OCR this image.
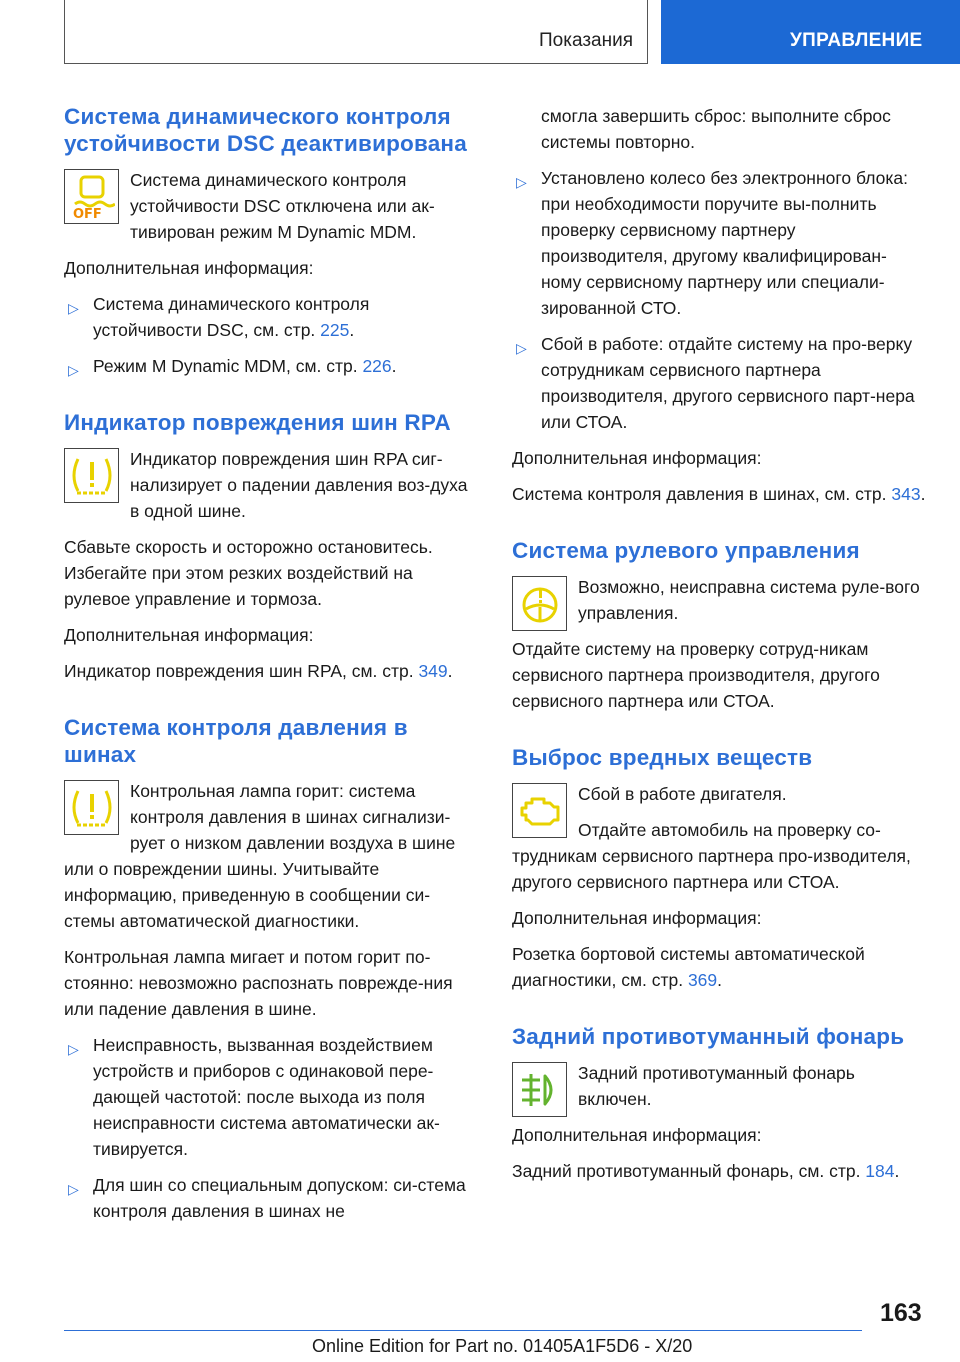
Показания	УПРАВЛЕНИЕ
Система динамического контроля устойчивости DSC деактивирована
OFF

Система динамического контроля устойчивости DSC отключена или ак-тивирован режим M Dynamic MDM.

Дополнительная информация:

▷ Система динамического контроля устойчивости DSC, см. стр. 225.
▷ Режим M Dynamic MDM, см. стр. 226.
Индикатор повреждения шин RPA

Индикатор повреждения шин RPA сиг-нализирует о падении давления воз-духа в одной шине.

Сбавьте скорость и осторожно остановитесь. Избегайте при этом резких воздействий на рулевое управление и тормоза.

Дополнительная информация:

Индикатор повреждения шин RPA, см. стр. 349.

Система контроля давления в шинах

Контрольная лампа горит: система контроля давления в шинах сигнализи-рует о низком давлении воздуха в шине или о повреждении шины. Учитывайте информацию, приведенную в сообщении си-стемы автоматической диагностики.

Контрольная лампа мигает и потом горит по-стоянно: невозможно распознать поврежде-ния или падение давления в шине.

▷ Неисправность, вызванная воздействием устройств и приборов с одинаковой пере-дающей частотой: после выхода из поля неисправности система автоматически ак-тивируется.
▷ Для шин со специальным допуском: си-стема контроля давления в шинах не

смогла завершить сброс: выполните сброс системы повторно.

▷ Установлено колесо без электронного блока: при необходимости поручите вы-полнить проверку сервисному партнеру производителя, другому квалифицирован-ному сервисному партнеру или специали-зированной СТО.
▷ Сбой в работе: отдайте систему на про-верку сотрудникам сервисного партнера производителя, другого сервисного парт-нера или СТОА.

Дополнительная информация:

Система контроля давления в шинах, см. стр. 343.

Система рулевого управления

Возможно, неисправна система руле-вого управления.

Отдайте систему на проверку сотруд-никам сервисного партнера производителя, другого сервисного партнера или СТОА.

Выброс вредных веществ

Сбой в работе двигателя.

Отдайте автомобиль на проверку со-трудникам сервисного партнера про-изводителя, другого сервисного партнера или СТОА.

Дополнительная информация:

Розетка бортовой системы автоматической диагностики, см. стр. 369.

Задний противотуманный фонарь

Задний противотуманный фонарь включен.

Дополнительная информация:

Задний противотуманный фонарь, см. стр. 184.

163
Online Edition for Part no. 01405A1F5D6 - X/20
